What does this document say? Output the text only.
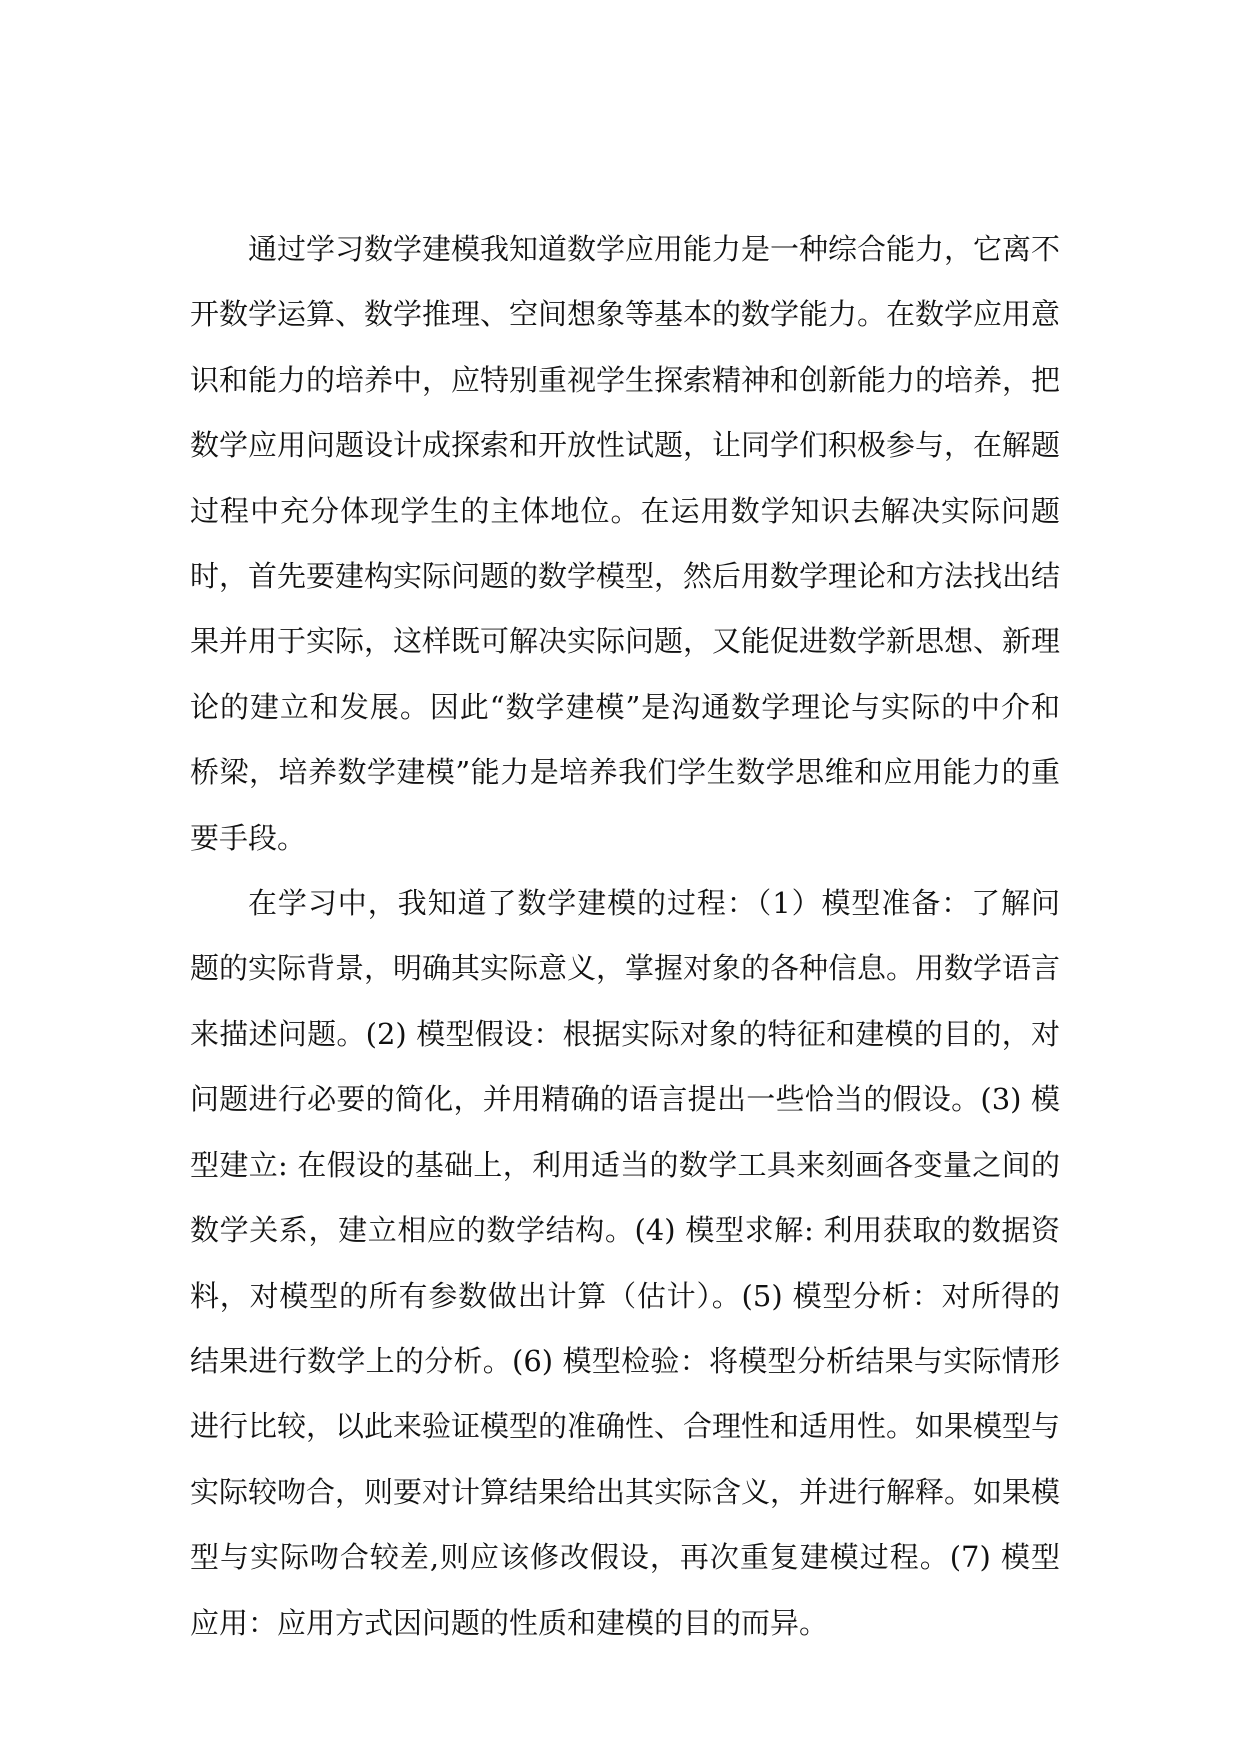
通过学习数学建模我知道数学应用能力是一种综合能力，它离不开数学运算、数学推理、空间想象等基本的数学能力。在数学应用意识和能力的培养中，应特别重视学生探索精神和创新能力的培养，把数学应用问题设计成探索和开放性试题，让同学们积极参与，在解题过程中充分体现学生的主体地位。在运用数学知识去解决实际问题时，首先要建构实际问题的数学模型，然后用数学理论和方法找出结果并用于实际，这样既可解决实际问题，又能促进数学新思想、新理论的建立和发展。因此“数学建模”是沟通数学理论与实际的中介和桥梁，培养数学建模”能力是培养我们学生数学思维和应用能力的重要手段。

在学习中，我知道了数学建模的过程：（1）模型准备：了解问题的实际背景，明确其实际意义，掌握对象的各种信息。用数学语言来描述问题。(2) 模型假设：根据实际对象的特征和建模的目的，对问题进行必要的简化，并用精确的语言提出一些恰当的假设。(3) 模型建立: 在假设的基础上，利用适当的数学工具来刻画各变量之间的数学关系，建立相应的数学结构。(4) 模型求解: 利用获取的数据资料，对模型的所有参数做出计算（估计）。(5) 模型分析：对所得的结果进行数学上的分析。(6) 模型检验：将模型分析结果与实际情形进行比较，以此来验证模型的准确性、合理性和适用性。如果模型与实际较吻合，则要对计算结果给出其实际含义，并进行解释。如果模型与实际吻合较差,则应该修改假设，再次重复建模过程。(7) 模型应用：应用方式因问题的性质和建模的目的而异。
